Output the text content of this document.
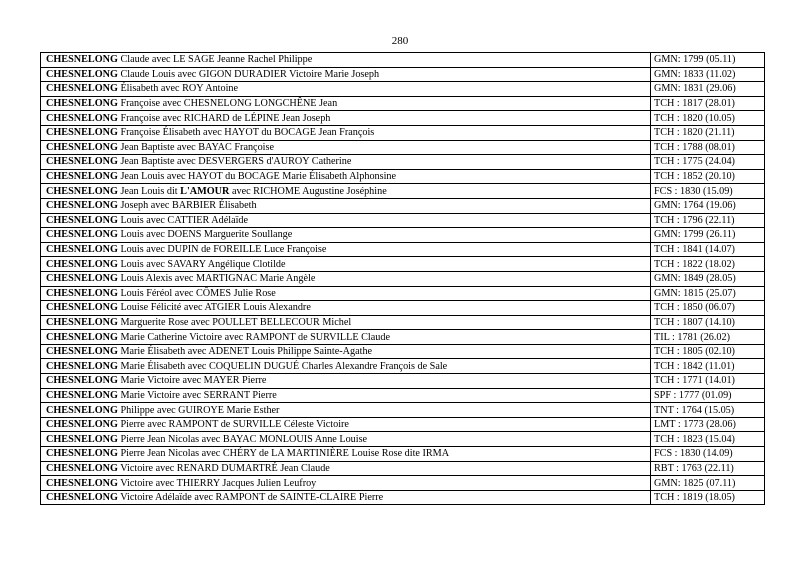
280
CHESNELONG Claude avec LE SAGE Jeanne Rachel Philippe	GMN: 1799 (05.11)
CHESNELONG Claude Louis avec GIGON DURADIER Victoire Marie Joseph	GMN: 1833 (11.02)
CHESNELONG Élisabeth avec ROY Antoine	GMN: 1831 (29.06)
CHESNELONG Françoise avec CHESNELONG LONGCHÊNE Jean	TCH : 1817 (28.01)
CHESNELONG Françoise avec RICHARD de LÉPINE Jean Joseph	TCH : 1820 (10.05)
CHESNELONG Françoise Élisabeth avec HAYOT du BOCAGE Jean François	TCH : 1820 (21.11)
CHESNELONG Jean Baptiste avec BAYAC Françoise	TCH : 1788 (08.01)
CHESNELONG Jean Baptiste avec DESVERGERS d'AUROY Catherine	TCH : 1775 (24.04)
CHESNELONG Jean Louis avec HAYOT du BOCAGE Marie Élisabeth Alphonsine	TCH : 1852 (20.10)
CHESNELONG Jean Louis dit L'AMOUR avec RICHOME Augustine Joséphine	FCS : 1830 (15.09)
CHESNELONG Joseph avec BARBIER Élisabeth	GMN: 1764 (19.06)
CHESNELONG Louis avec CATTIER Adélaïde	TCH : 1796 (22.11)
CHESNELONG Louis avec DOENS Marguerite Soullange	GMN: 1799 (26.11)
CHESNELONG Louis avec DUPIN de FOREILLE Luce Françoise	TCH : 1841 (14.07)
CHESNELONG Louis avec SAVARY Angélique Clotilde	TCH : 1822 (18.02)
CHESNELONG Louis Alexis avec MARTIGNAC Marie Angèle	GMN: 1849 (28.05)
CHESNELONG Louis Féréol avec CÔMES Julie Rose	GMN: 1815 (25.07)
CHESNELONG Louise Félicité avec ATGIER Louis Alexandre	TCH : 1850 (06.07)
CHESNELONG Marguerite Rose avec POULLET BELLECOUR Michel	TCH : 1807 (14.10)
CHESNELONG Marie Catherine Victoire avec RAMPONT de SURVILLE Claude	TIL : 1781 (26.02)
CHESNELONG Marie Élisabeth avec ADENET Louis Philippe Sainte-Agathe	TCH : 1805 (02.10)
CHESNELONG Marie Élisabeth avec COQUELIN DUGUÉ Charles Alexandre François de Sale	TCH : 1842 (11.01)
CHESNELONG Marie Victoire avec MAYER Pierre	TCH : 1771 (14.01)
CHESNELONG Marie Victoire avec SERRANT Pierre	SPF : 1777 (01.09)
CHESNELONG Philippe avec GUIROYE Marie Esther	TNT : 1764 (15.05)
CHESNELONG Pierre avec RAMPONT de SURVILLE Céleste Victoire	LMT : 1773 (28.06)
CHESNELONG Pierre Jean Nicolas avec BAYAC MONLOUIS Anne Louise	TCH : 1823 (15.04)
CHESNELONG Pierre Jean Nicolas avec CHÉRY de LA MARTINIÈRE Louise Rose dite IRMA	FCS : 1830 (14.09)
CHESNELONG Victoire avec RENARD DUMARTRÉ Jean Claude	RBT : 1763 (22.11)
CHESNELONG Victoire avec THIERRY Jacques Julien Leufroy	GMN: 1825 (07.11)
CHESNELONG Victoire Adélaïde avec RAMPONT de SAINTE-CLAIRE Pierre	TCH : 1819 (18.05)
